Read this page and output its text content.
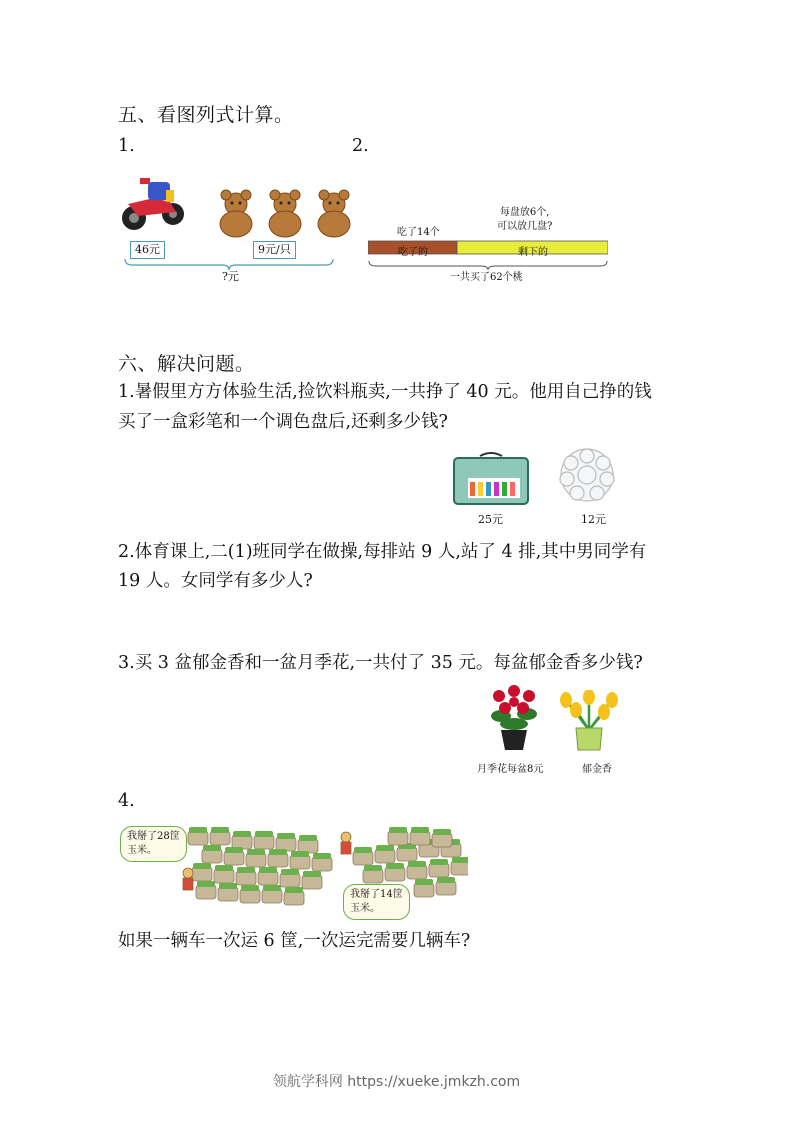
五、看图列式计算。
1.	2.
46元	9元/只
?元
每盘放6个,
可以放几盘?
吃了14个
吃了的	剩下的
一共买了62个桃
六、解决问题。
1.暑假里方方体验生活,捡饮料瓶卖,一共挣了 40 元。他用自己挣的钱
买了一盒彩笔和一个调色盘后,还剩多少钱?
25元	12元
2.体育课上,二(1)班同学在做操,每排站 9 人,站了 4 排,其中男同学有
19 人。女同学有多少人?
3.买 3 盆郁金香和一盆月季花,一共付了 35 元。每盆郁金香多少钱?
月季花每盆8元	郁金香
4.
我掰了28筐
玉米。
我掰了14筐
玉米。
如果一辆车一次运 6 筐,一次运完需要几辆车?
领航学科网 https://xueke.jmkzh.com
